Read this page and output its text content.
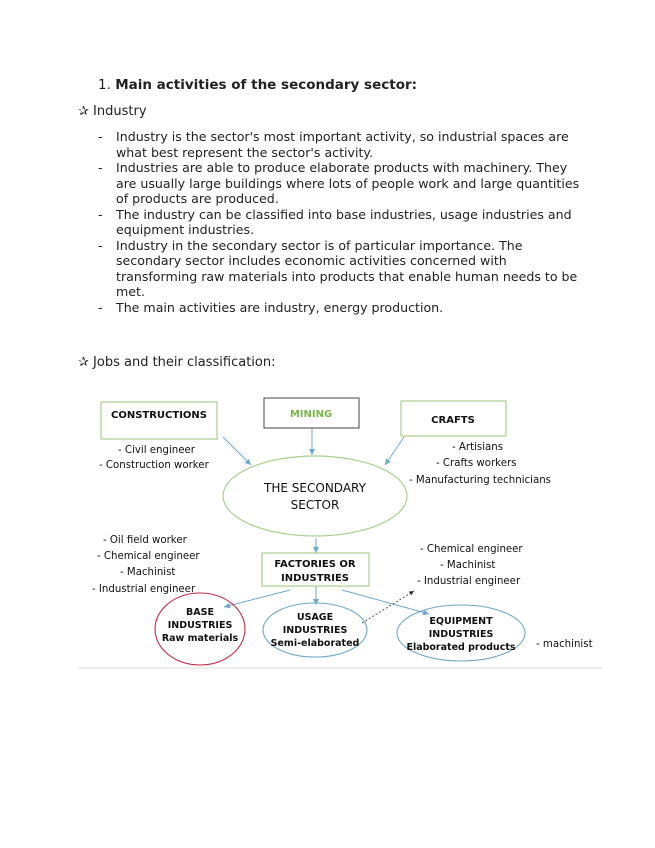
1. Main activities of the secondary sector:
✰ Industry
- Industry is the sector's most important activity, so industrial spaces are what best represent the sector's activity.
- Industries are able to produce elaborate products with machinery. They are usually large buildings where lots of people work and large quantities of products are produced.
- The industry can be classified into base industries, usage industries and equipment industries.
- Industry in the secondary sector is of particular importance. The secondary sector includes economic activities concerned with transforming raw materials into products that enable human needs to be met.
- The main activities are industry, energy production.
✰ Jobs and their classification:
CONSTRUCTIONS	MINING
CRAFTS
- Civil engineer
- Construction worker
- Artisians
- Crafts workers
- Manufacturing technicians
THE SECONDARY
SECTOR
FACTORIES OR
INDUSTRIES
- Oil field worker
- Chemical engineer
- Machinist
- Industrial engineer
- Chemical engineer
- Machinist
- Industrial engineer
BASE
INDUSTRIES
Raw materials
USAGE
INDUSTRIES
Semi-elaborated
EQUIPMENT
INDUSTRIES
Elaborated products - machinist
